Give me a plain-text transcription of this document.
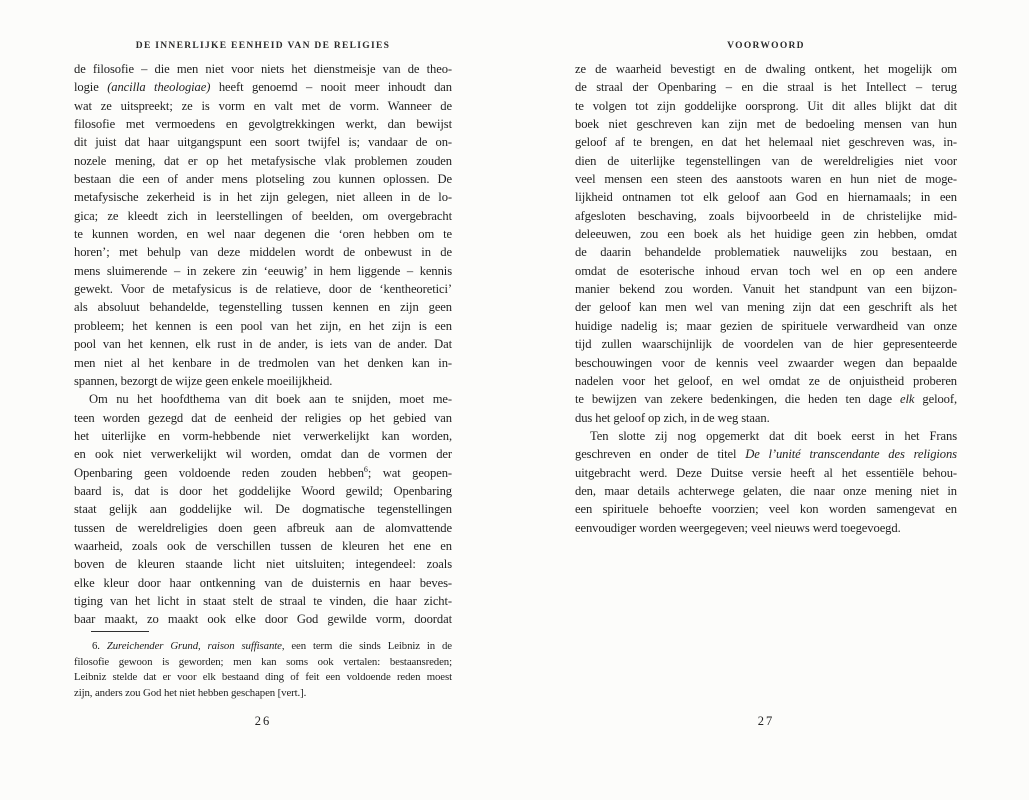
DE INNERLIJKE EENHEID VAN DE RELIGIES
de filosofie – die men niet voor niets het dienstmeisje van de theo-
logie (ancilla theologiae) heeft genoemd – nooit meer inhoudt dan
wat ze uitspreekt; ze is vorm en valt met de vorm. Wanneer de
filosofie met vermoedens en gevolgtrekkingen werkt, dan bewijst
dit juist dat haar uitgangspunt een soort twijfel is; vandaar de on-
nozele mening, dat er op het metafysische vlak problemen zouden
bestaan die een of ander mens plotseling zou kunnen oplossen. De
metafysische zekerheid is in het zijn gelegen, niet alleen in de lo-
gica; ze kleedt zich in leerstellingen of beelden, om overgebracht
te kunnen worden, en wel naar degenen die ‘oren hebben om te
horen’; met behulp van deze middelen wordt de onbewust in de
mens sluimerende – in zekere zin ‘eeuwig’ in hem liggende – kennis
gewekt. Voor de metafysicus is de relatieve, door de ‘kentheoretici’
als absoluut behandelde, tegenstelling tussen kennen en zijn geen
probleem; het kennen is een pool van het zijn, en het zijn is een
pool van het kennen, elk rust in de ander, is iets van de ander. Dat
men niet al het kenbare in de tredmolen van het denken kan in-
spannen, bezorgt de wijze geen enkele moeilijkheid.
Om nu het hoofdthema van dit boek aan te snijden, moet me-
teen worden gezegd dat de eenheid der religies op het gebied van
het uiterlijke en vorm-hebbende niet verwerkelijkt kan worden,
en ook niet verwerkelijkt wil worden, omdat dan de vormen der
Openbaring geen voldoende reden zouden hebben$^6$; wat geopen-
baard is, dat is door het goddelijke Woord gewild; Openbaring
staat gelijk aan goddelijke wil. De dogmatische tegenstellingen
tussen de wereldreligies doen geen afbreuk aan de alomvattende
waarheid, zoals ook de verschillen tussen de kleuren het ene en
boven de kleuren staande licht niet uitsluiten; integendeel: zoals
elke kleur door haar ontkenning van de duisternis en haar beves-
tiging van het licht in staat stelt de straal te vinden, die haar zicht-
baar maakt, zo maakt ook elke door God gewilde vorm, doordat
6. Zureichender Grund, raison suffisante, een term die sinds Leibniz in de
filosofie gewoon is geworden; men kan soms ook vertalen: bestaansreden;
Leibniz stelde dat er voor elk bestaand ding of feit een voldoende reden moest
zijn, anders zou God het niet hebben geschapen [vert.].
26
VOORWOORD
ze de waarheid bevestigt en de dwaling ontkent, het mogelijk om
de straal der Openbaring – en die straal is het Intellect – terug
te volgen tot zijn goddelijke oorsprong. Uit dit alles blijkt dat dit
boek niet geschreven kan zijn met de bedoeling mensen van hun
geloof af te brengen, en dat het helemaal niet geschreven was, in-
dien de uiterlijke tegenstellingen van de wereldreligies niet voor
veel mensen een steen des aanstoots waren en hun niet de moge-
lijkheid ontnamen tot elk geloof aan God en hiernamaals; in een
afgesloten beschaving, zoals bijvoorbeeld in de christelijke mid-
deleeuwen, zou een boek als het huidige geen zin hebben, omdat
de daarin behandelde problematiek nauwelijks zou bestaan, en
omdat de esoterische inhoud ervan toch wel en op een andere
manier bekend zou worden. Vanuit het standpunt van een bijzon-
der geloof kan men wel van mening zijn dat een geschrift als het
huidige nadelig is; maar gezien de spirituele verwardheid van onze
tijd zullen waarschijnlijk de voordelen van de hier gepresenteerde
beschouwingen voor de kennis veel zwaarder wegen dan bepaalde
nadelen voor het geloof, en wel omdat ze de onjuistheid proberen
te bewijzen van zekere bedenkingen, die heden ten dage elk geloof,
dus het geloof op zich, in de weg staan.
Ten slotte zij nog opgemerkt dat dit boek eerst in het Frans
geschreven en onder de titel De l’unité transcendante des religions
uitgebracht werd. Deze Duitse versie heeft al het essentiële behou-
den, maar details achterwege gelaten, die naar onze mening niet in
een spirituele behoefte voorzien; veel kon worden samengevat en
eenvoudiger worden weergegeven; veel nieuws werd toegevoegd.
27
